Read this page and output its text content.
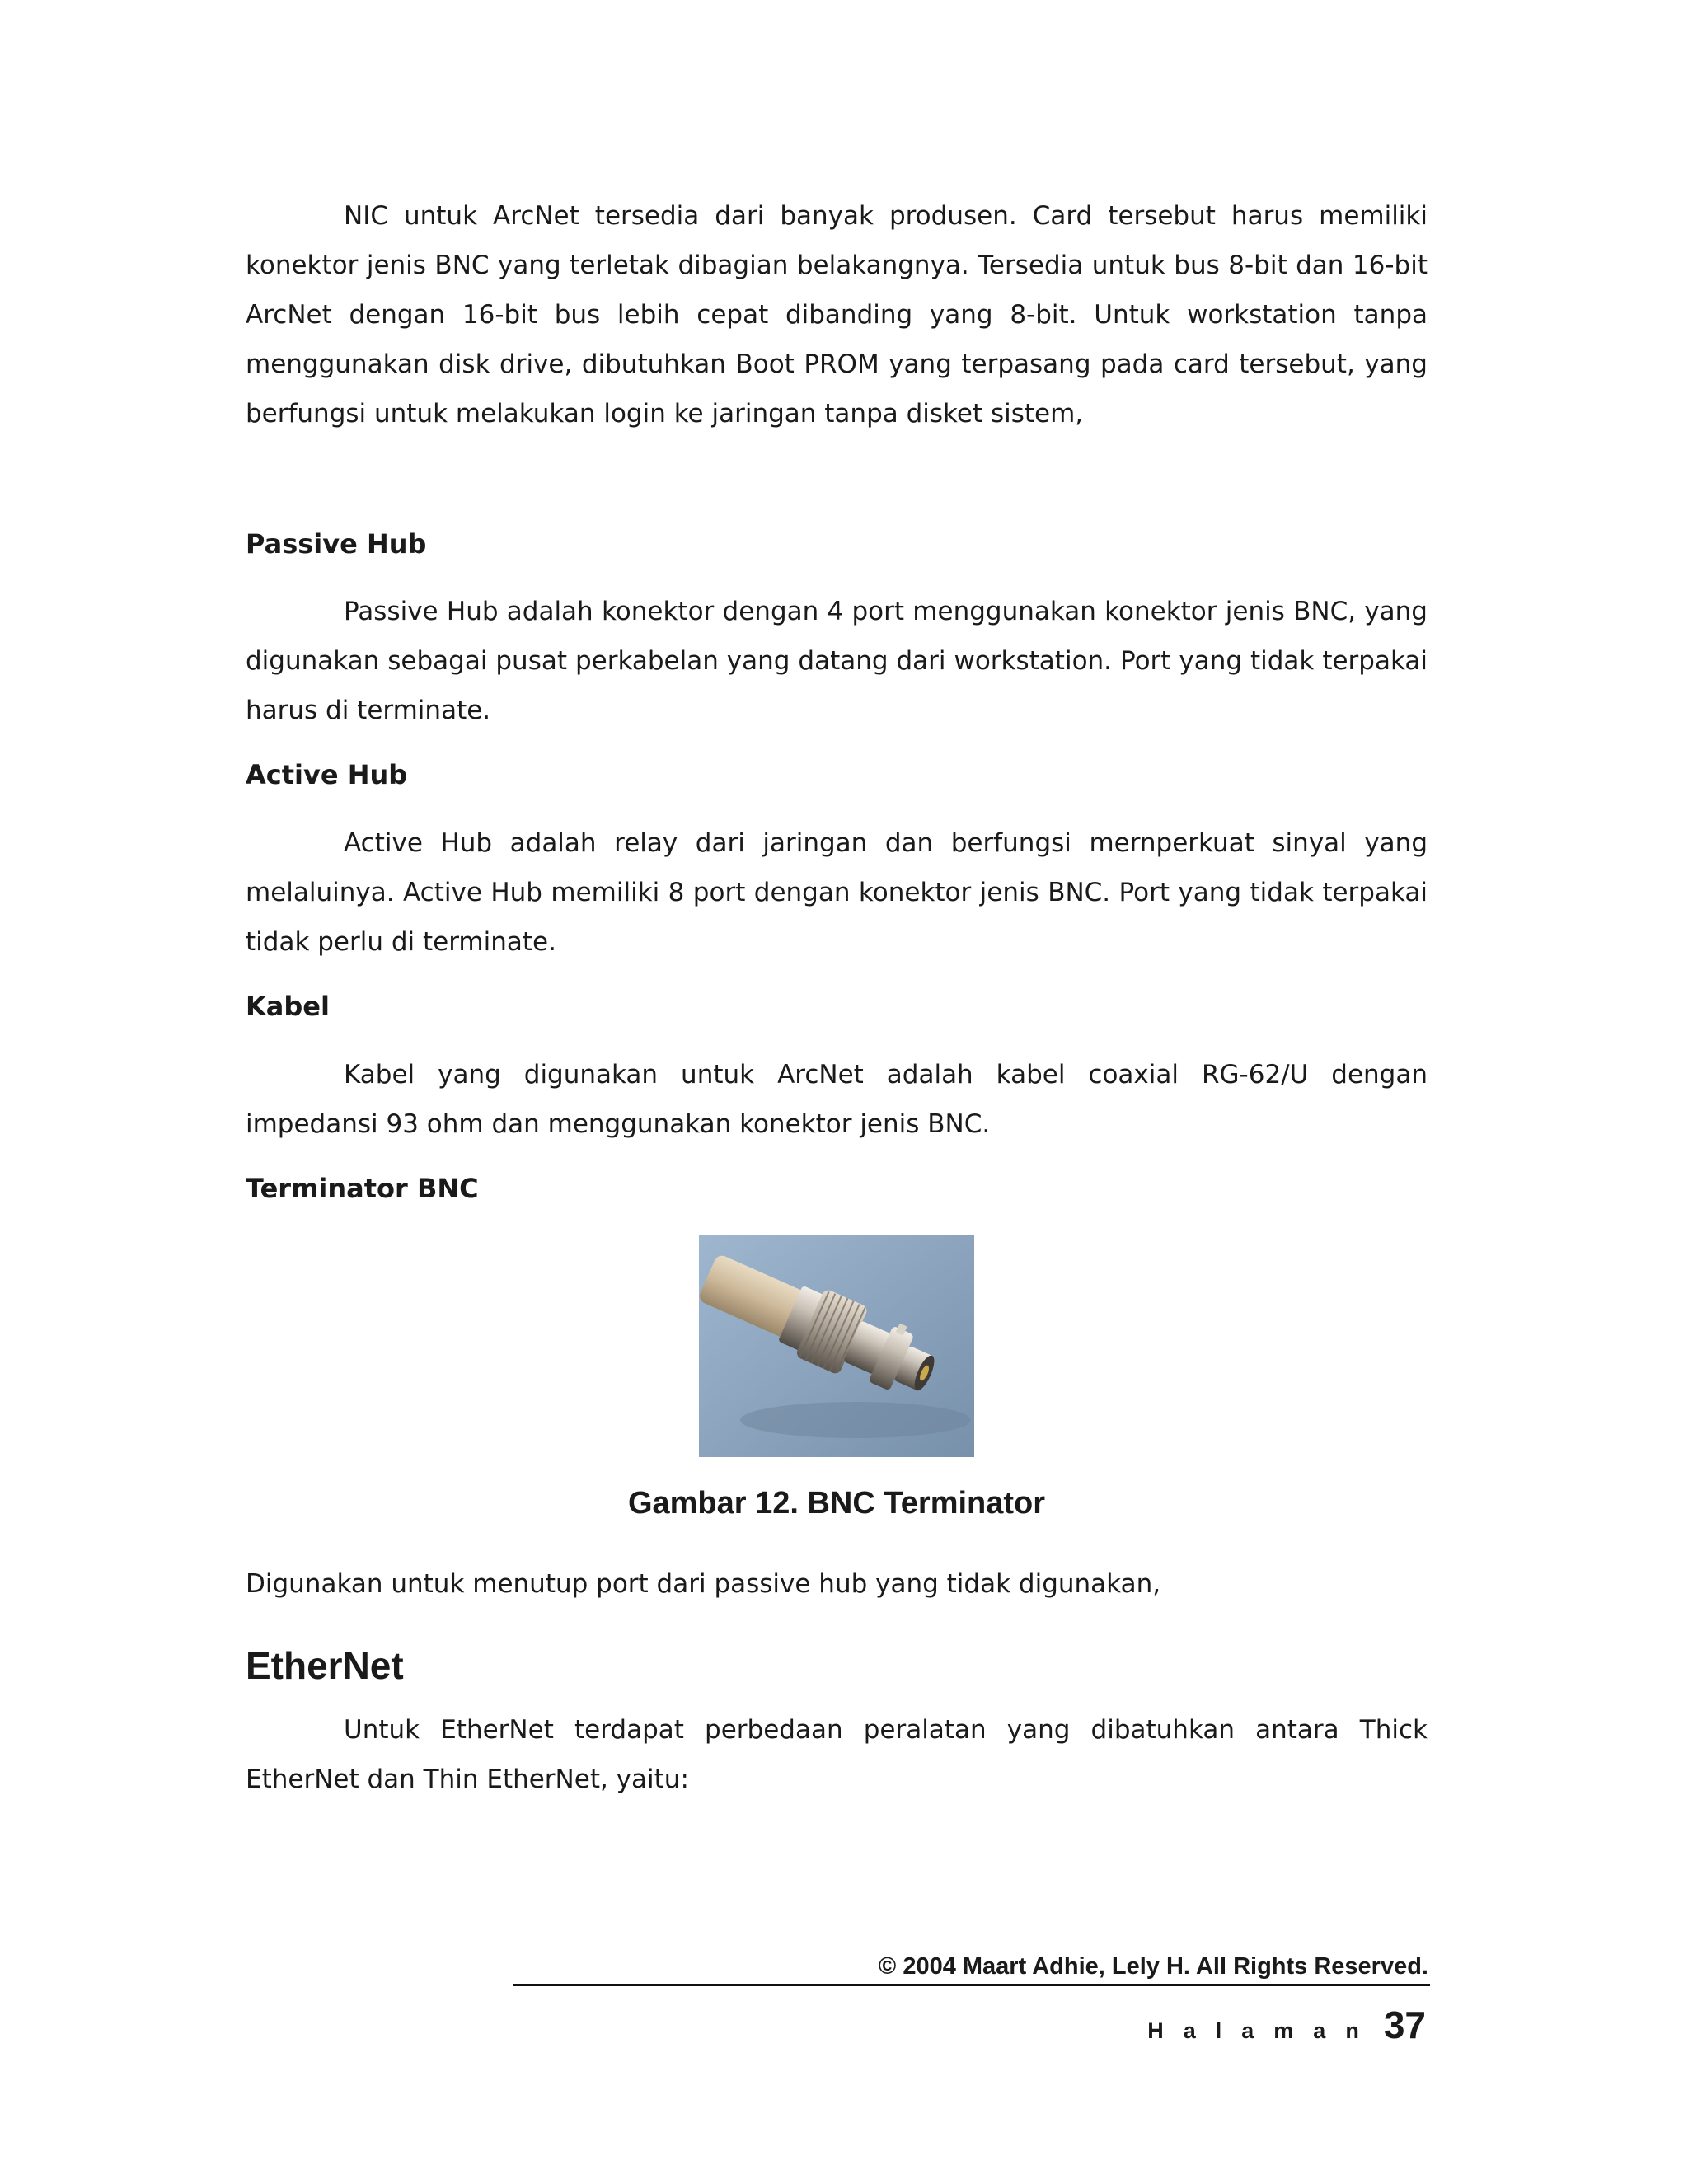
NIC untuk ArcNet tersedia dari banyak produsen. Card tersebut harus memiliki konektor jenis BNC yang terletak dibagian belakangnya. Tersedia untuk bus 8-bit dan 16-bit ArcNet dengan 16-bit bus lebih cepat dibanding yang 8-bit. Untuk workstation tanpa menggunakan disk drive, dibutuhkan Boot PROM yang terpasang pada card tersebut, yang berfungsi untuk melakukan login ke jaringan tanpa disket sistem,

Passive Hub

Passive Hub adalah konektor dengan 4 port menggunakan konektor jenis BNC, yang digunakan sebagai pusat perkabelan yang datang dari workstation. Port yang tidak terpakai harus di terminate.

Active Hub

Active Hub adalah relay dari jaringan dan berfungsi mernperkuat sinyal yang melaluinya. Active Hub memiliki 8 port dengan konektor jenis BNC. Port yang tidak terpakai tidak perlu di terminate.

Kabel

Kabel yang digunakan untuk ArcNet adalah kabel coaxial RG-62/U dengan impedansi 93 ohm dan menggunakan konektor jenis BNC.

Terminator BNC

Gambar 12. BNC Terminator

Digunakan untuk menutup port dari passive hub yang tidak digunakan,

EtherNet

Untuk EtherNet terdapat perbedaan peralatan yang dibatuhkan antara Thick EtherNet dan Thin EtherNet, yaitu:

© 2004 Maart Adhie, Lely H. All Rights Reserved.

Halaman 37
